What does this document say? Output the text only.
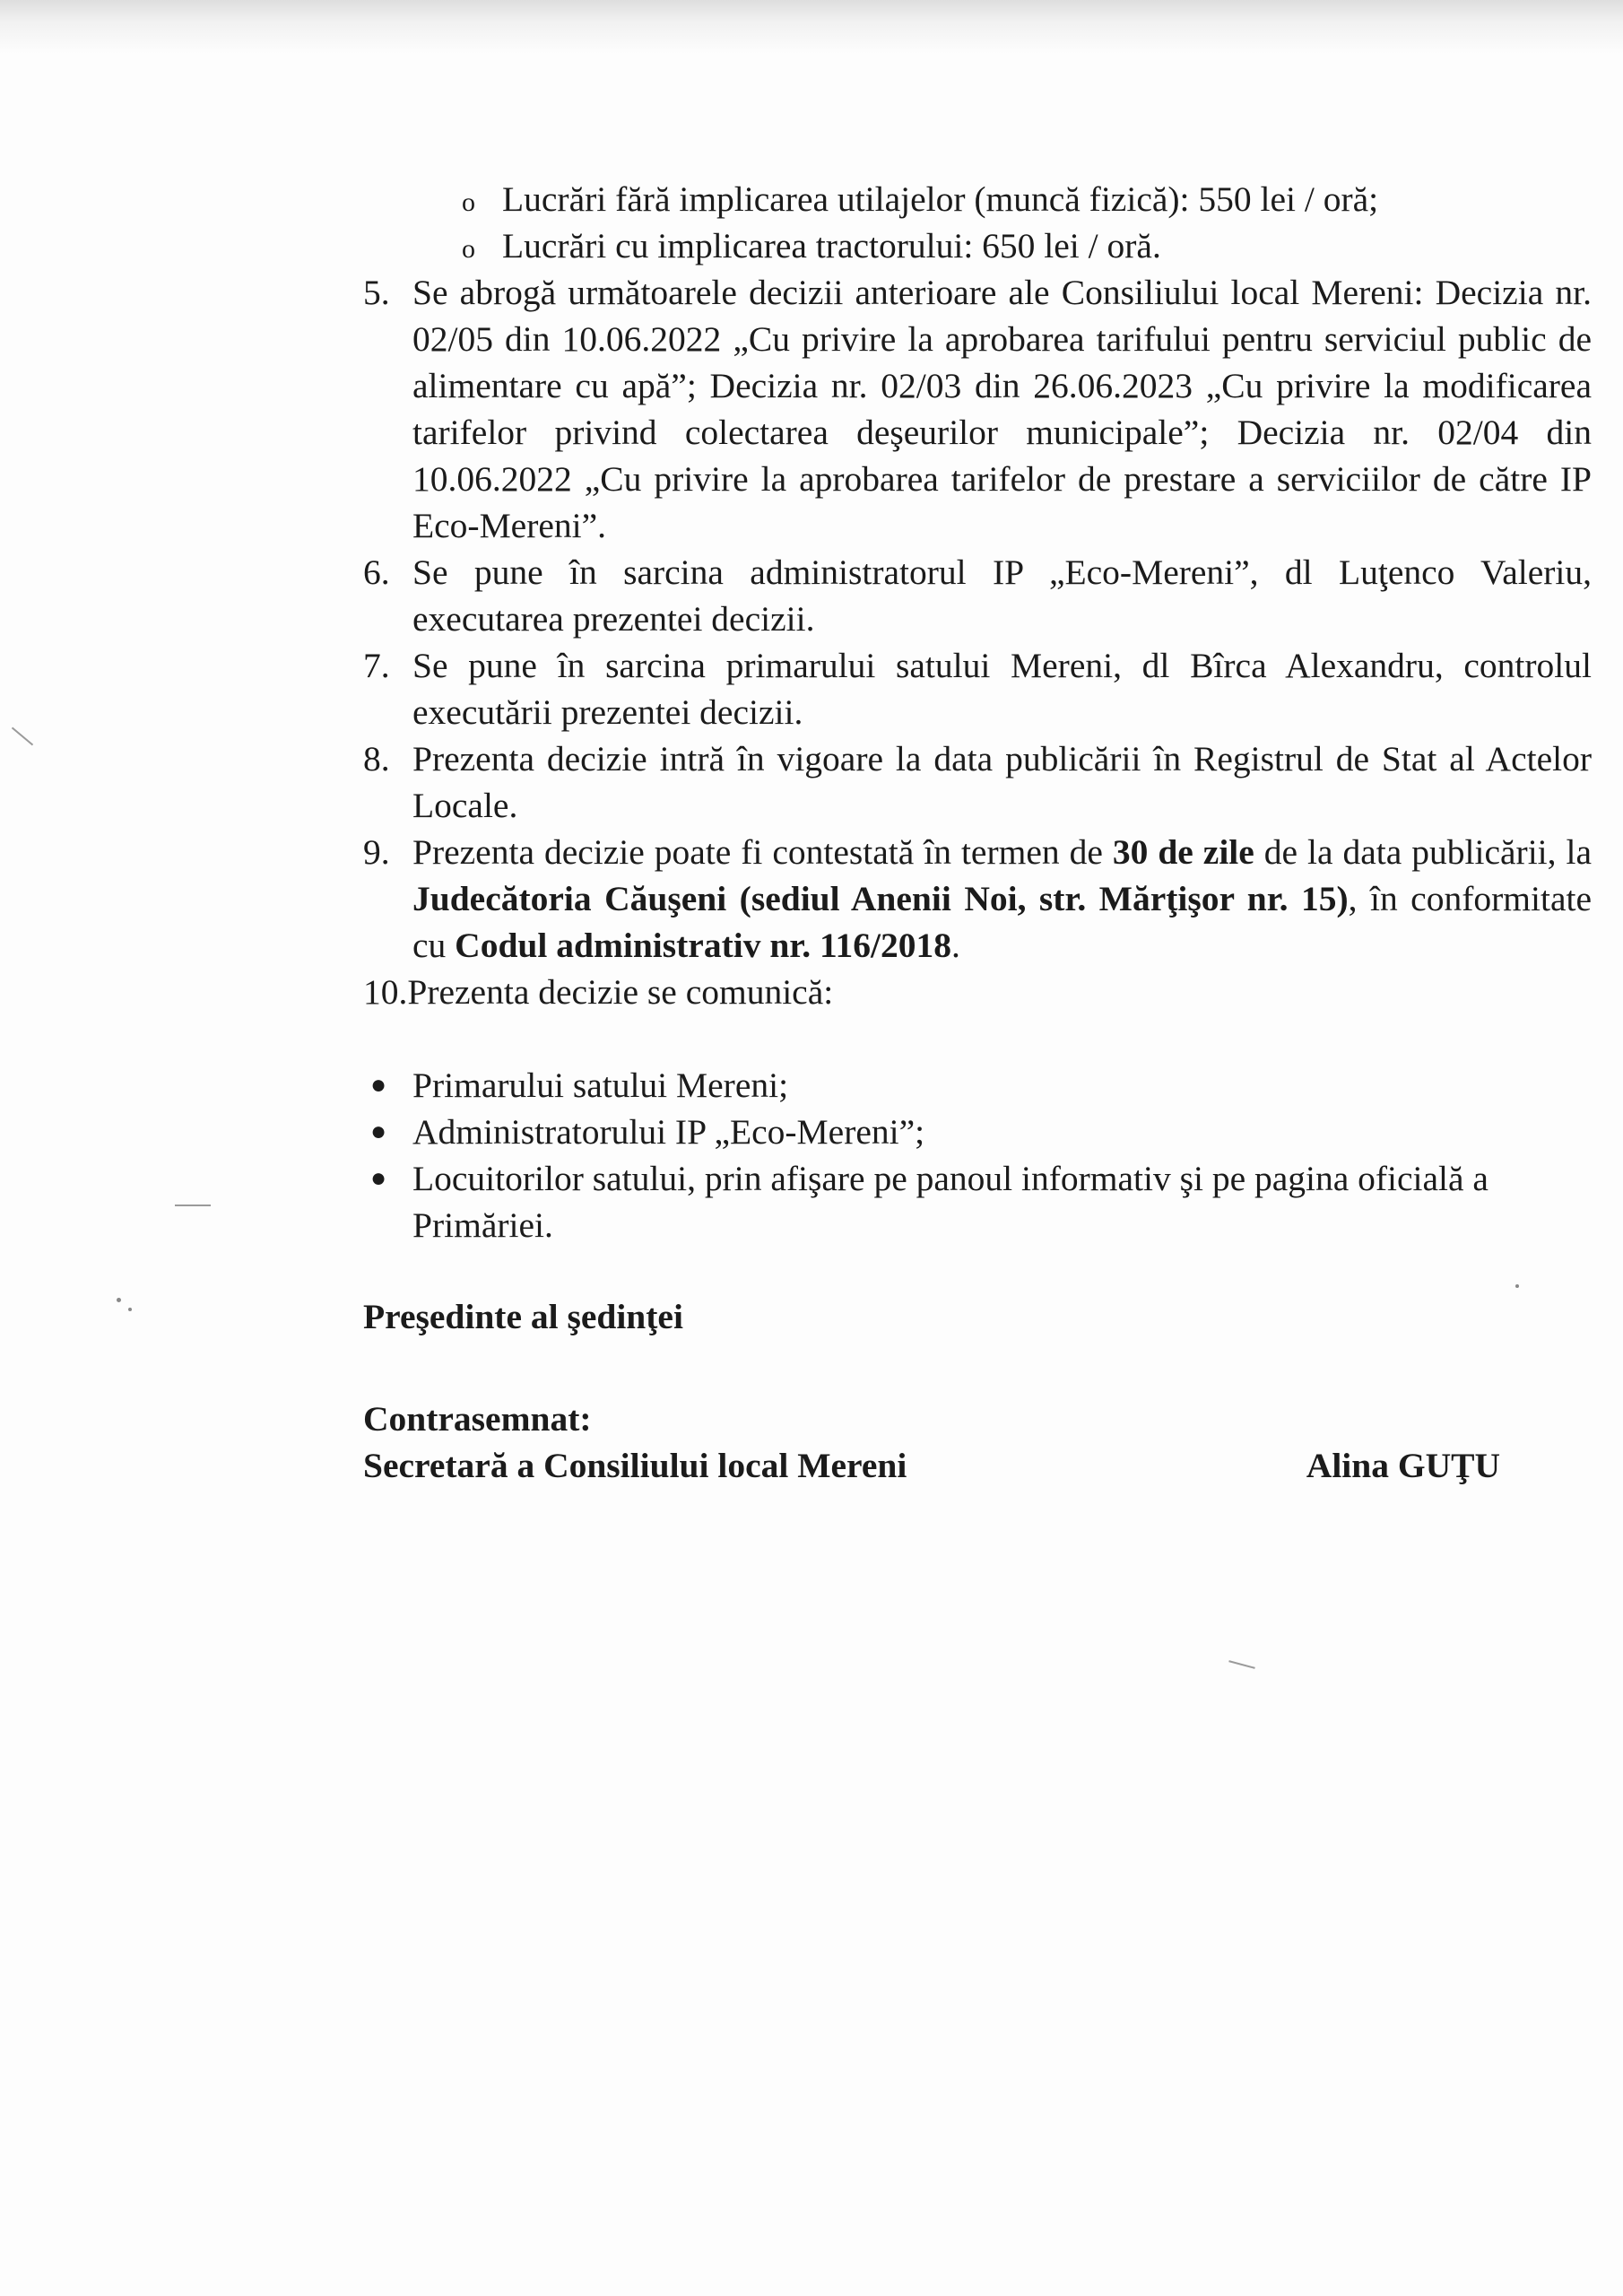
o Lucrări fără implicarea utilajelor (muncă fizică): 550 lei / oră;
o Lucrări cu implicarea tractorului: 650 lei / oră.
5. Se abrogă următoarele decizii anterioare ale Consiliului local Mereni: Decizia nr. 02/05 din 10.06.2022 „Cu privire la aprobarea tarifului pentru serviciul public de alimentare cu apă”; Decizia nr. 02/03 din 26.06.2023 „Cu privire la modificarea tarifelor privind colectarea deşeurilor municipale”; Decizia nr. 02/04 din 10.06.2022 „Cu privire la aprobarea tarifelor de prestare a serviciilor de către IP Eco-Mereni”.
6. Se pune în sarcina administratorul IP „Eco-Mereni”, dl Luţenco Valeriu, executarea prezentei decizii.
7. Se pune în sarcina primarului satului Mereni, dl Bîrca Alexandru, controlul executării prezentei decizii.
8. Prezenta decizie intră în vigoare la data publicării în Registrul de Stat al Actelor Locale.
9. Prezenta decizie poate fi contestată în termen de 30 de zile de la data publicării, la Judecătoria Căuşeni (sediul Anenii Noi, str. Mărţişor nr. 15), în conformitate cu Codul administrativ nr. 116/2018.
10.Prezenta decizie se comunică:
● Primarului satului Mereni;
● Administratorului IP „Eco-Mereni”;
● Locuitorilor satului, prin afişare pe panoul informativ şi pe pagina oficială a Primăriei.
Preşedinte al şedinţei
Contrasemnat:
Secretară a Consiliului local Mereni	Alina GUŢU
